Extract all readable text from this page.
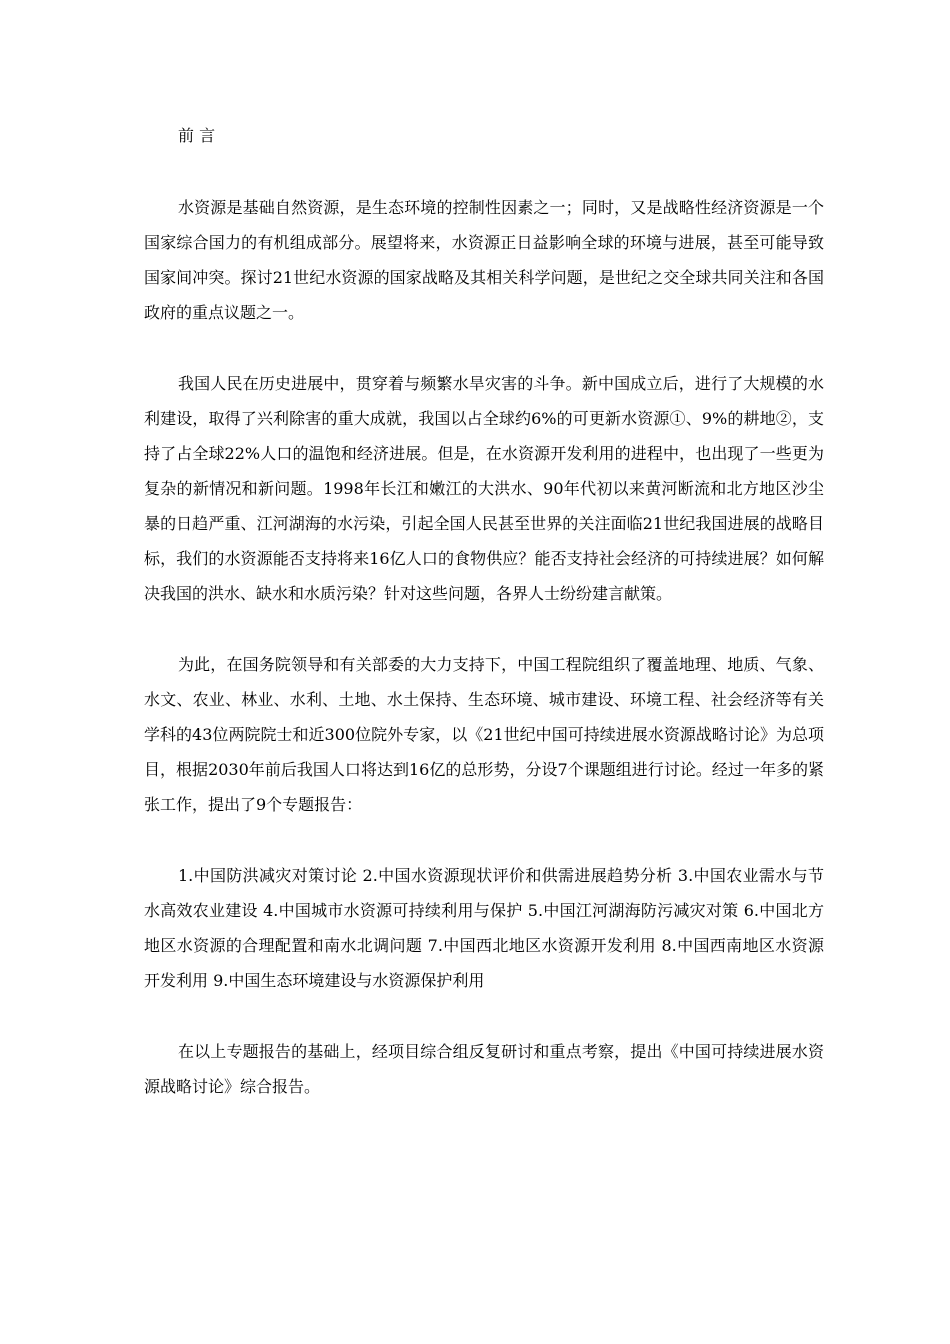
前 言

水资源是基础自然资源，是生态环境的控制性因素之一；同时，又是战略性经济资源是一个国家综合国力的有机组成部分。展望将来，水资源正日益影响全球的环境与进展，甚至可能导致国家间冲突。探讨21世纪水资源的国家战略及其相关科学问题，是世纪之交全球共同关注和各国政府的重点议题之一。

我国人民在历史进展中，贯穿着与频繁水旱灾害的斗争。新中国成立后，进行了大规模的水利建设，取得了兴利除害的重大成就，我国以占全球约6%的可更新水资源①、9%的耕地②，支持了占全球22%人口的温饱和经济进展。但是，在水资源开发利用的进程中，也出现了一些更为复杂的新情况和新问题。1998年长江和嫩江的大洪水、90年代初以来黄河断流和北方地区沙尘暴的日趋严重、江河湖海的水污染，引起全国人民甚至世界的关注面临21世纪我国进展的战略目标，我们的水资源能否支持将来16亿人口的食物供应？能否支持社会经济的可持续进展？如何解决我国的洪水、缺水和水质污染？针对这些问题，各界人士纷纷建言献策。

为此，在国务院领导和有关部委的大力支持下，中国工程院组织了覆盖地理、地质、气象、水文、农业、林业、水利、土地、水土保持、生态环境、城市建设、环境工程、社会经济等有关学科的43位两院院士和近300位院外专家，以《21世纪中国可持续进展水资源战略讨论》为总项目，根据2030年前后我国人口将达到16亿的总形势，分设7个课题组进行讨论。经过一年多的紧张工作，提出了9个专题报告：

1.中国防洪减灾对策讨论 2.中国水资源现状评价和供需进展趋势分析 3.中国农业需水与节水高效农业建设 4.中国城市水资源可持续利用与保护 5.中国江河湖海防污减灾对策 6.中国北方地区水资源的合理配置和南水北调问题 7.中国西北地区水资源开发利用 8.中国西南地区水资源开发利用 9.中国生态环境建设与水资源保护利用

在以上专题报告的基础上，经项目综合组反复研讨和重点考察，提出《中国可持续进展水资源战略讨论》综合报告。
